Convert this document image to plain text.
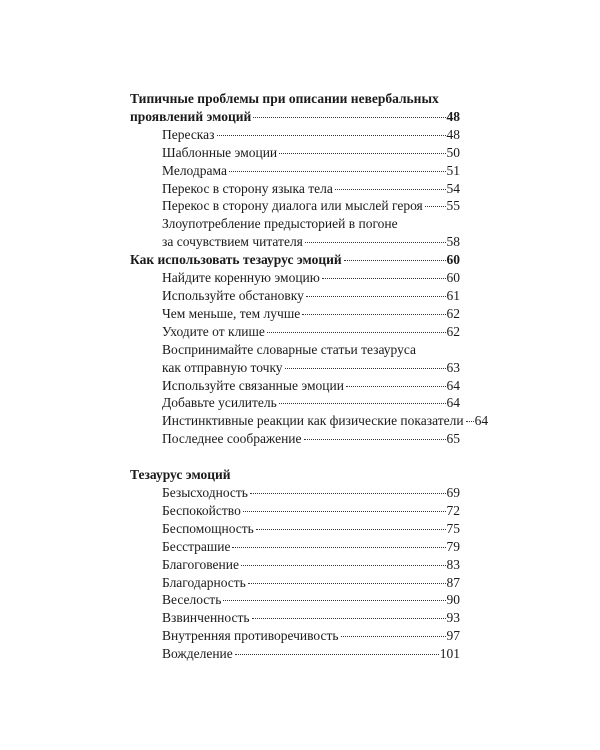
Типичные проблемы при описании невербальных
проявлений эмоций	48
Пересказ	48
Шаблонные эмоции	50
Мелодрама	51
Перекос в сторону языка тела	54
Перекос в сторону диалога или мыслей героя 55
Злоупотребление предысторией в погоне
за сочувствием читателя	58
Как использовать тезаурус эмоций	60
Найдите коренную эмоцию	60
Используйте обстановку	61
Чем меньше, тем лучше	62
Уходите от клише	62
Воспринимайте словарные статьи тезауруса
как отправную точку	63
Используйте связанные эмоции	64
Добавьте усилитель	64
Инстинктивные реакции как физические показатели 64
Последнее соображение	65
Тезаурус эмоций
Безысходность	69
Беспокойство	72
Беспомощность	75
Бесстрашие	79
Благоговение	83
Благодарность	87
Веселость	90
Взвинченность	93
Внутренняя противоречивость	97
Вожделение	101
